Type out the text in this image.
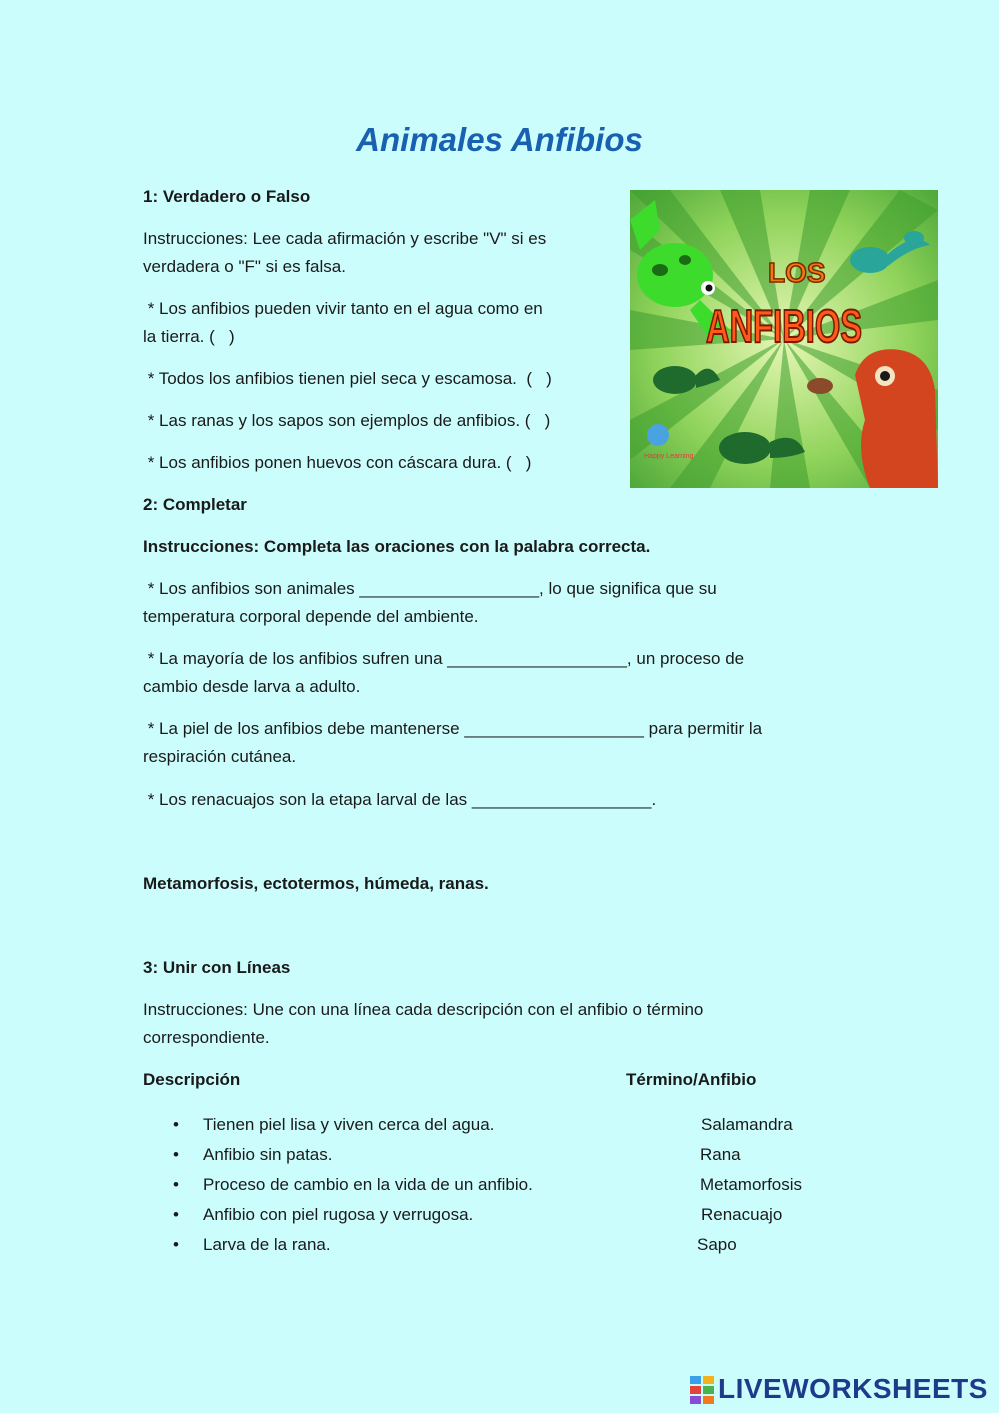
Animales Anfibios

1: Verdadero o Falso

Instrucciones: Lee cada afirmación y escribe "V" si es

verdadera o "F" si es falsa.

* Los anfibios pueden vivir tanto en el agua como en

la tierra. (   )

* Todos los anfibios tienen piel seca y escamosa.  (   )

* Las ranas y los sapos son ejemplos de anfibios. (   )

* Los anfibios ponen huevos con cáscara dura. (   )

LOS
ANFIBIOS
Happy Learning

2: Completar

Instrucciones: Completa las oraciones con la palabra correcta.

* Los anfibios son animales ___________________, lo que significa que su

temperatura corporal depende del ambiente.

* La mayoría de los anfibios sufren una ___________________, un proceso de

cambio desde larva a adulto.

* La piel de los anfibios debe mantenerse ___________________ para permitir la

respiración cutánea.

* Los renacuajos son la etapa larval de las ___________________.

Metamorfosis, ectotermos, húmeda, ranas.

3: Unir con Líneas

Instrucciones: Une con una línea cada descripción con el anfibio o término

correspondiente.

Descripción	Término/Anfibio

• Tienen piel lisa y viven cerca del agua.	Salamandra
• Anfibio sin patas.	Rana
• Proceso de cambio en la vida de un anfibio.	Metamorfosis
• Anfibio con piel rugosa y verrugosa.	Renacuajo
• Larva de la rana.	Sapo
LIVEWORKSHEETS
